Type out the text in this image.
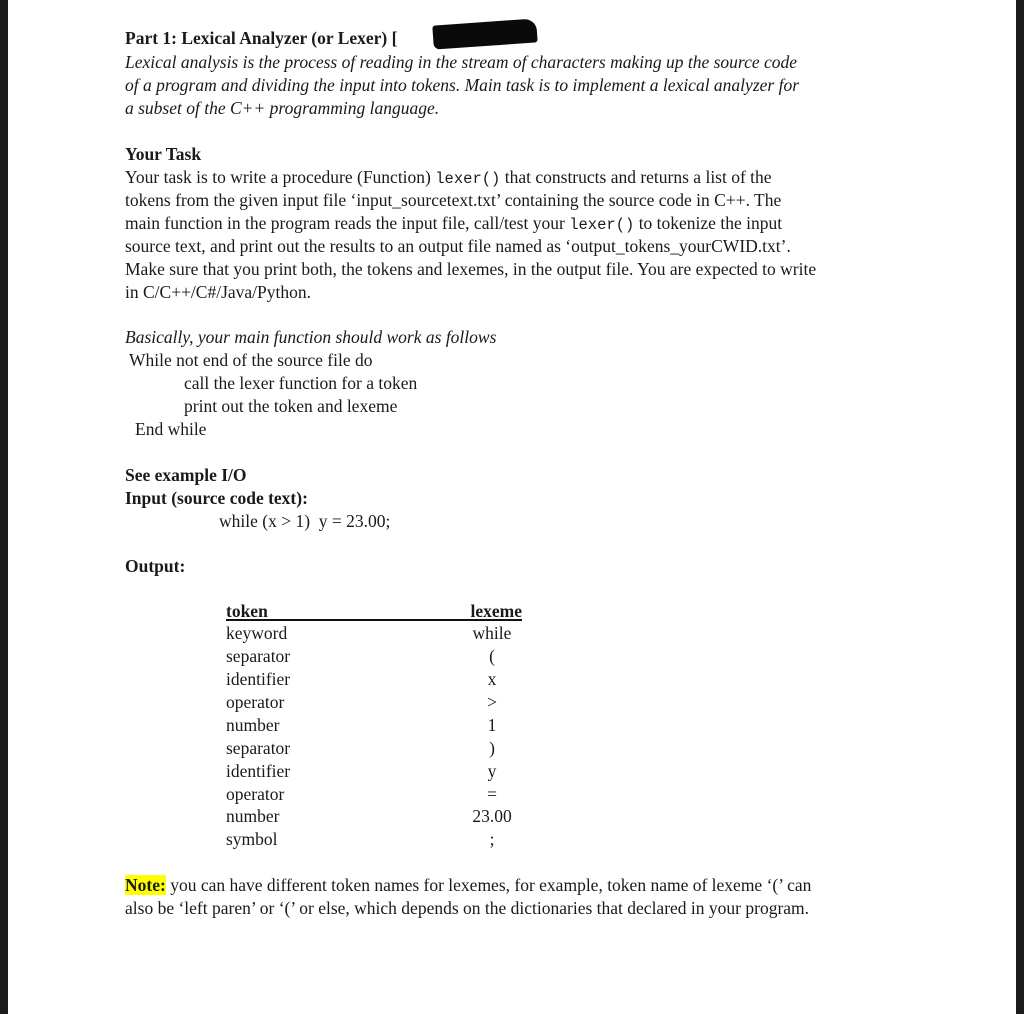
Part 1: Lexical Analyzer (or Lexer) [
Lexical analysis is the process of reading in the stream of characters making up the source code
of a program and dividing the input into tokens. Main task is to implement a lexical analyzer for
a subset of the C++ programming language.
Your Task
Your task is to write a procedure (Function) lexer() that constructs and returns a list of the
tokens from the given input file ‘input_sourcetext.txt’ containing the source code in C++. The
main function in the program reads the input file, call/test your lexer() to tokenize the input
source text, and print out the results to an output file named as ‘output_tokens_yourCWID.txt’.
Make sure that you print both, the tokens and lexemes, in the output file. You are expected to write
in C/C++/C#/Java/Python.
Basically, your main function should work as follows
While not end of the source file do
call the lexer function for a token
print out the token and lexeme
End while
See example I/O
Input (source code text):
while (x > 1)  y = 23.00;
Output:
token	lexeme
keyword	while
separator	(
identifier	x
operator	>
number	1
separator	)
identifier	y
operator	=
number	23.00
symbol	;
Note: you can have different token names for lexemes, for example, token name of lexeme ‘(’ can
also be ‘left paren’ or ‘(’ or else, which depends on the dictionaries that declared in your program.
